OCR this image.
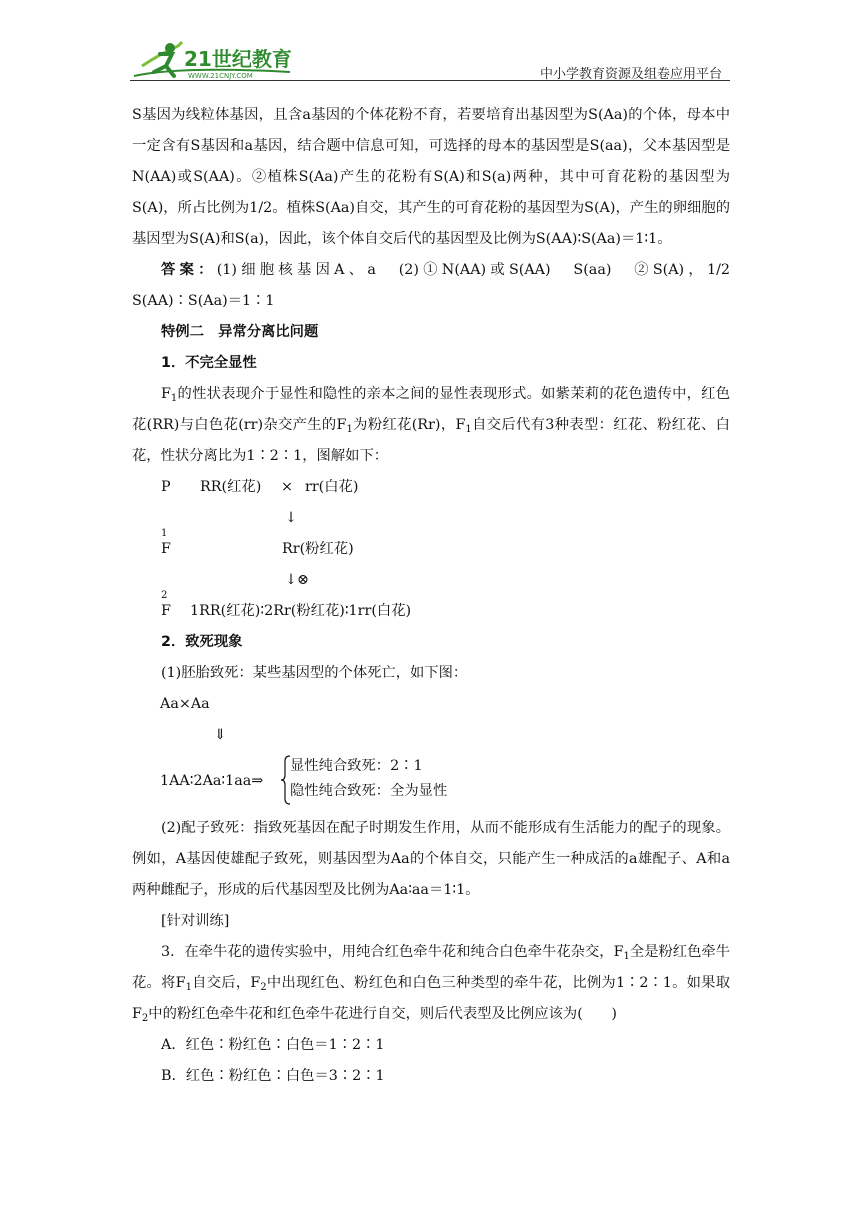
21世纪教育
WWW.21CNJY.COM	中小学教育资源及组卷应用平台

S基因为线粒体基因，且含a基因的个体花粉不育，若要培育出基因型为S(Aa)的个体，母本中一定含有S基因和a基因，结合题中信息可知，可选择的母本的基因型是S(aa)，父本基因型是N(AA)或S(AA)。②植株S(Aa)产生的花粉有S(A)和S(a)两种，其中可育花粉的基因型为S(A)，所占比例为1/2。植株S(Aa)自交，其产生的可育花粉的基因型为S(A)，产生的卵细胞的基因型为S(A)和S(a)，因此，该个体自交后代的基因型及比例为S(AA)∶S(Aa)＝1∶1。

答案：(1)细胞核基因A、a　(2)①N(AA)或S(AA)　S(aa)　②S(A)，1/2　S(AA)∶S(Aa)＝1∶1

特例二　异常分离比问题

1．不完全显性

$F_1$的性状表现介于显性和隐性的亲本之间的显性表现形式。如紫茉莉的花色遗传中，红色花(RR)与白色花(rr)杂交产生的$F_1$为粉红花(Rr)，$F_1$自交后代有3种表型：红花、粉红花、白花，性状分离比为1∶2∶1，图解如下：

P RR(红花) × rr(白花)
↓
F
1
Rr(粉红花)
↓⊗
F
2
1RR(红花)∶2Rr(粉红花)∶1rr(白花)

2．致死现象

(1)胚胎致死：某些基因型的个体死亡，如下图：

Aa×Aa
⇓
1AA∶2Aa∶1aa⇒
显性纯合致死：2∶1
隐性纯合致死：全为显性

(2)配子致死：指致死基因在配子时期发生作用，从而不能形成有生活能力的配子的现象。例如，A基因使雄配子致死，则基因型为Aa的个体自交，只能产生一种成活的a雄配子、A和a两种雌配子，形成的后代基因型及比例为Aa∶aa＝1∶1。

[针对训练]

3．在牵牛花的遗传实验中，用纯合红色牵牛花和纯合白色牵牛花杂交，$F_1$全是粉红色牵牛花。将$F_1$自交后，$F_2$中出现红色、粉红色和白色三种类型的牵牛花，比例为1∶2∶1。如果取$F_2$中的粉红色牵牛花和红色牵牛花进行自交，则后代表型及比例应该为(　　)

A．红色∶粉红色∶白色＝1∶2∶1

B．红色∶粉红色∶白色＝3∶2∶1
